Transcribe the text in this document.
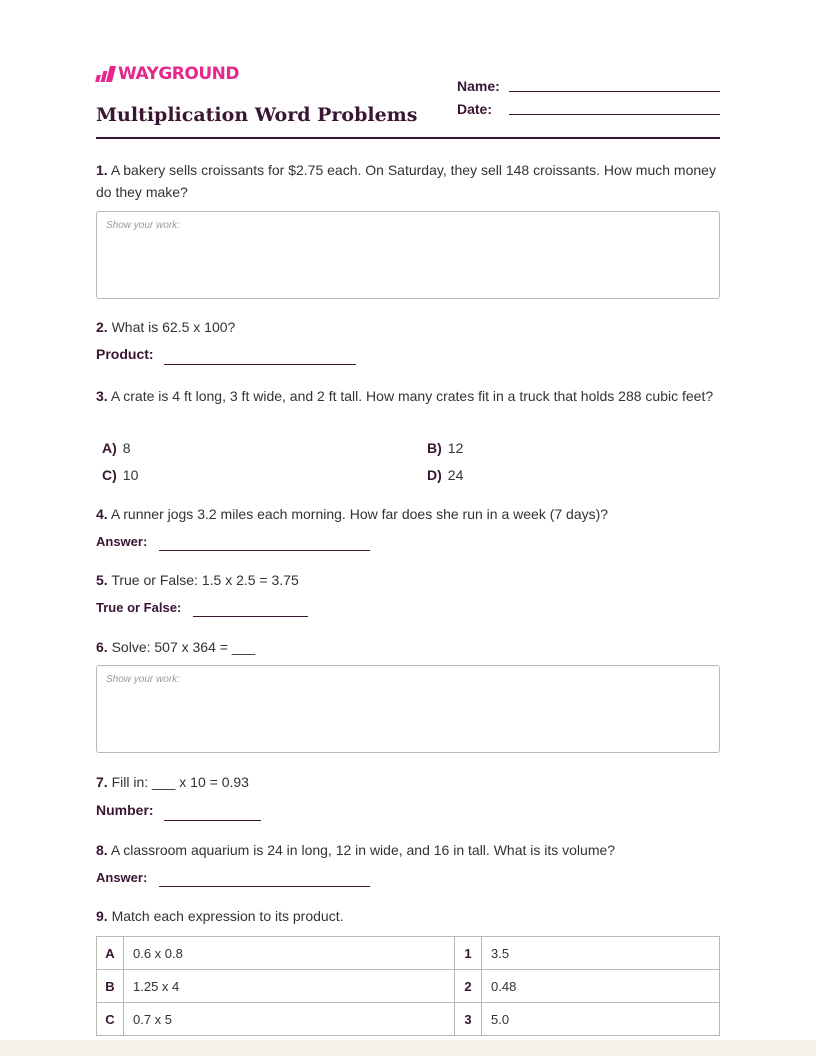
WAYGROUND
Multiplication Word Problems
Name:
Date:
1. A bakery sells croissants for $2.75 each. On Saturday, they sell 148 croissants. How much money do they make?
Show your work:
2. What is 62.5 x 100?
Product:
3. A crate is 4 ft long, 3 ft wide, and 2 ft tall. How many crates fit in a truck that holds 288 cubic feet?
A) 8	B) 12
C) 10	D) 24
4. A runner jogs 3.2 miles each morning. How far does she run in a week (7 days)?
Answer:
5. True or False: 1.5 x 2.5 = 3.75
True or False:
6. Solve: 507 x 364 = ___
Show your work:
7. Fill in: ___ x 10 = 0.93
Number:
8. A classroom aquarium is 24 in long, 12 in wide, and 16 in tall. What is its volume?
Answer:
9. Match each expression to its product.
A	0.6 x 0.8	1	3.5
B	1.25 x 4	2	0.48
C	0.7 x 5	3	5.0
